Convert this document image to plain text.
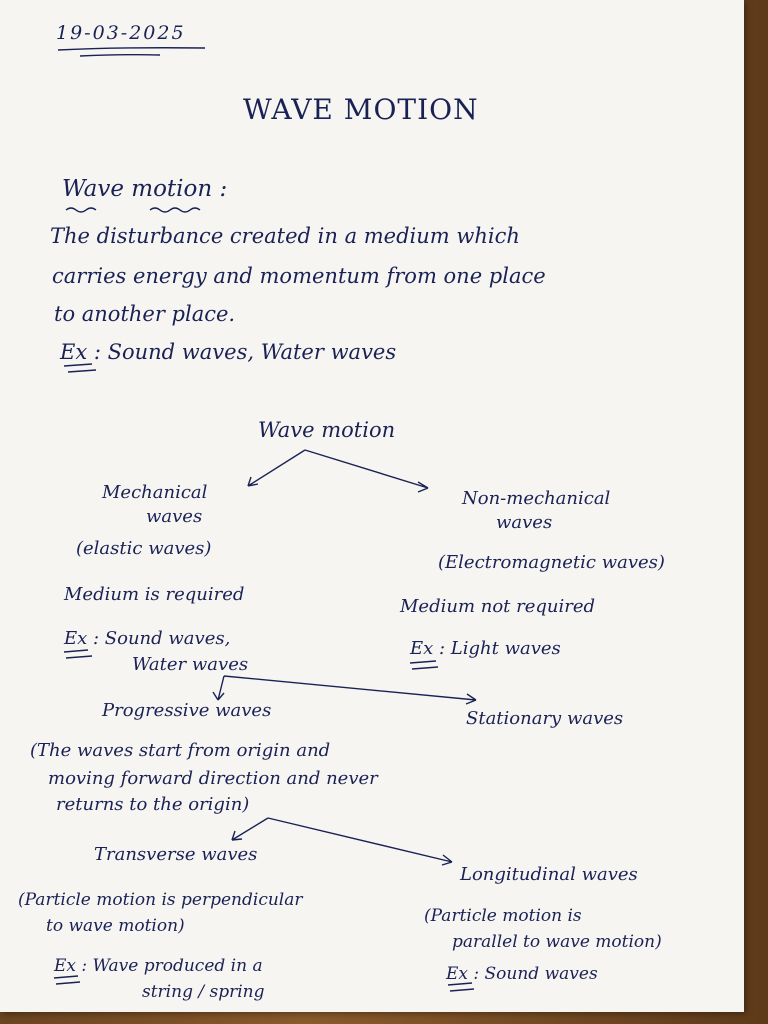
19-03-2025
WAVE MOTION
Wave motion :
The disturbance created in a medium which
carries energy and momentum from one place
to another place.
Ex : Sound waves, Water waves
Wave motion
Mechanical
waves
(elastic waves)
Medium is required
Ex : Sound waves,
Water waves
Non-mechanical
waves
(Electromagnetic waves)
Medium not required
Ex : Light waves
Progressive waves	Stationary waves
(The waves start from origin and
moving forward direction and never
returns to the origin)
Transverse waves
Longitudinal waves
(Particle motion is perpendicular
to wave motion)	(Particle motion is
parallel to wave motion)
Ex : Wave produced in a
string / spring
Ex : Sound waves
